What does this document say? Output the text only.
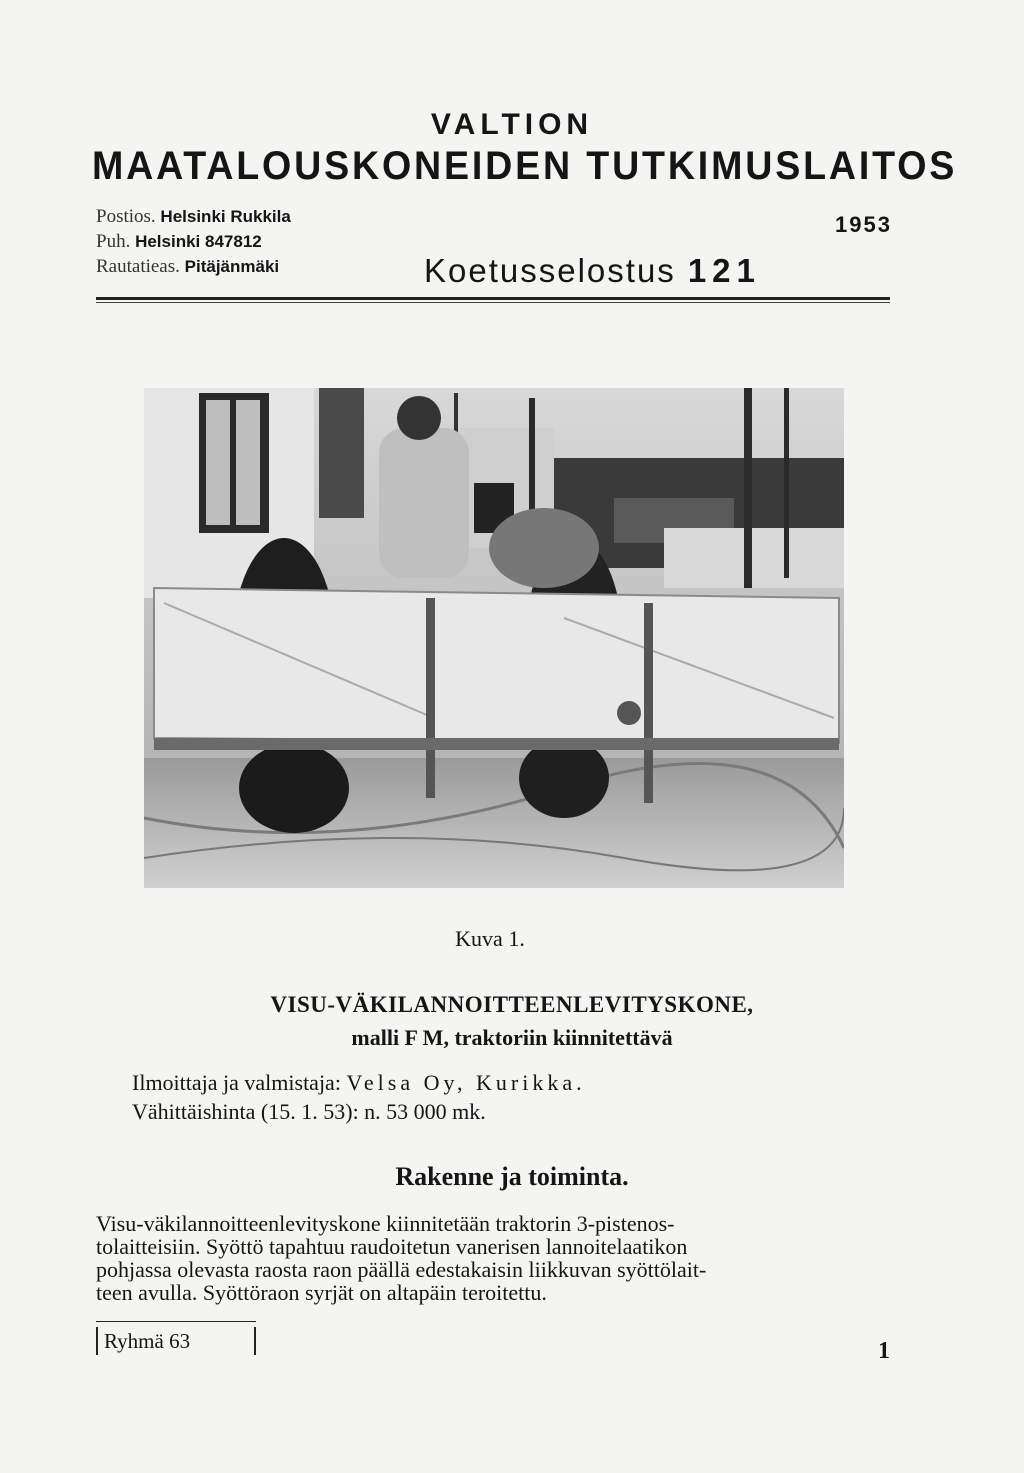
VALTION
MAATALOUSKONEIDEN TUTKIMUSLAITOS
Postios. Helsinki Rukkila
Puh. Helsinki 847812
Rautatieas. Pitäjänmäki
1953
Koetusselostus 121
Kuva 1.
VISU-VÄKILANNOITTEENLEVITYSKONE,
malli F M, traktoriin kiinnitettävä
Ilmoittaja ja valmistaja: Velsa Oy, Kurikka.
Vähittäishinta (15. 1. 53): n. 53 000 mk.
Rakenne ja toiminta.
Visu-väkilannoitteenlevityskone kiinnitetään traktorin 3-pistenos-
tolaitteisiin. Syöttö tapahtuu raudoitetun vanerisen lannoitelaatikon
pohjassa olevasta raosta raon päällä edestakaisin liikkuvan syöttölait-
teen avulla. Syöttöraon syrjät on altapäin teroitettu.
Ryhmä 63	1
